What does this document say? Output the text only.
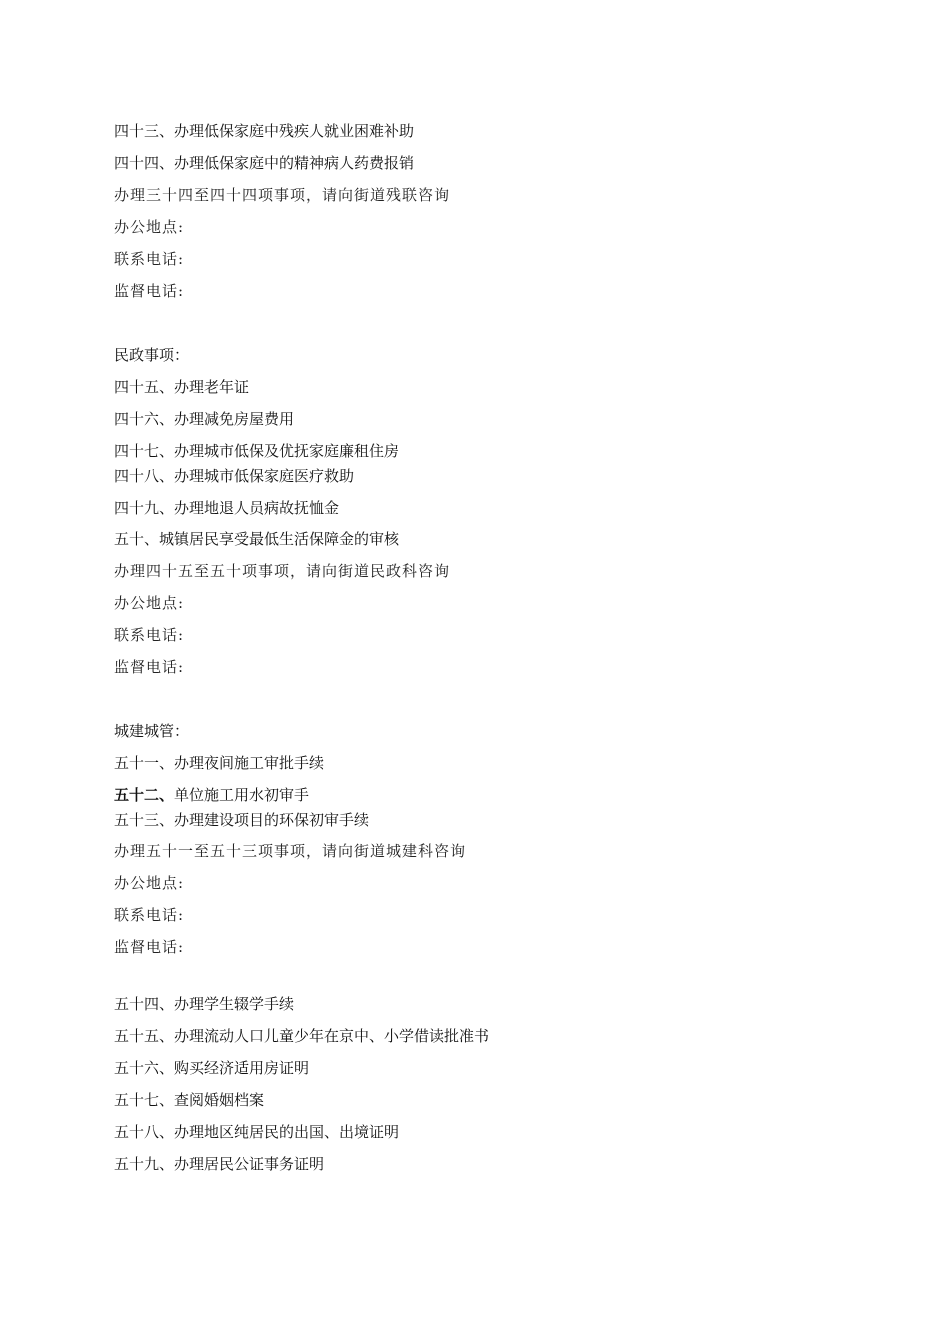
四十三、办理低保家庭中残疾人就业困难补助
四十四、办理低保家庭中的精神病人药费报销
办理三十四至四十四项事项，请向街道残联咨询
办公地点:
联系电话:
监督电话:
民政事项：
四十五、办理老年证
四十六、办理减免房屋费用
四十七、办理城市低保及优抚家庭廉租住房
四十八、办理城市低保家庭医疗救助
四十九、办理地退人员病故抚恤金
五十、城镇居民享受最低生活保障金的审核
办理四十五至五十项事项，请向街道民政科咨询
办公地点:
联系电话:
监督电话:
城建城管：
五十一、办理夜间施工审批手续
五十二、单位施工用水初审手
五十三、办理建设项目的环保初审手续
办理五十一至五十三项事项，请向街道城建科咨询
办公地点:
联系电话:
监督电话:
五十四、办理学生辍学手续
五十五、办理流动人口儿童少年在京中、小学借读批准书
五十六、购买经济适用房证明
五十七、查阅婚姻档案
五十八、办理地区纯居民的出国、出境证明
五十九、办理居民公证事务证明
